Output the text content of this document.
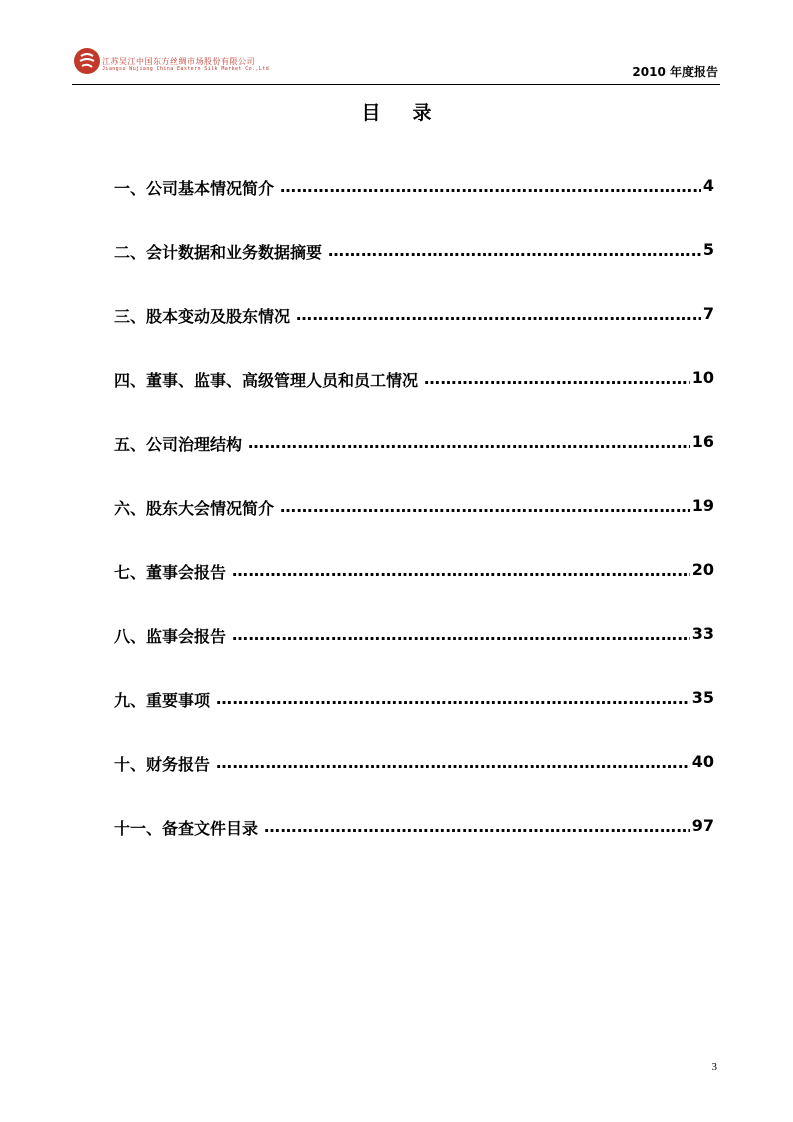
江苏吴江中国东方丝绸市场股份有限公司
Jiangsu Wujiang China Eastern Silk Market Co.,Ltd	2010 年度报告
目录
一、公司基本情况简介 ……………………………………………………………………………………………………………………………………	4
二、会计数据和业务数据摘要 ……………………………………………………………………………………………………………………………………	5
三、股本变动及股东情况 ……………………………………………………………………………………………………………………………………	7
四、董事、监事、高级管理人员和员工情况 ……………………………………………………………………………………………………………………………………	10
五、公司治理结构 ……………………………………………………………………………………………………………………………………	16
六、股东大会情况简介 ……………………………………………………………………………………………………………………………………	19
七、董事会报告 ……………………………………………………………………………………………………………………………………	20
八、监事会报告 ……………………………………………………………………………………………………………………………………	33
九、重要事项 ……………………………………………………………………………………………………………………………………	35
十、财务报告 ……………………………………………………………………………………………………………………………………	40
十一、备查文件目录 ……………………………………………………………………………………………………………………………………	97
3
